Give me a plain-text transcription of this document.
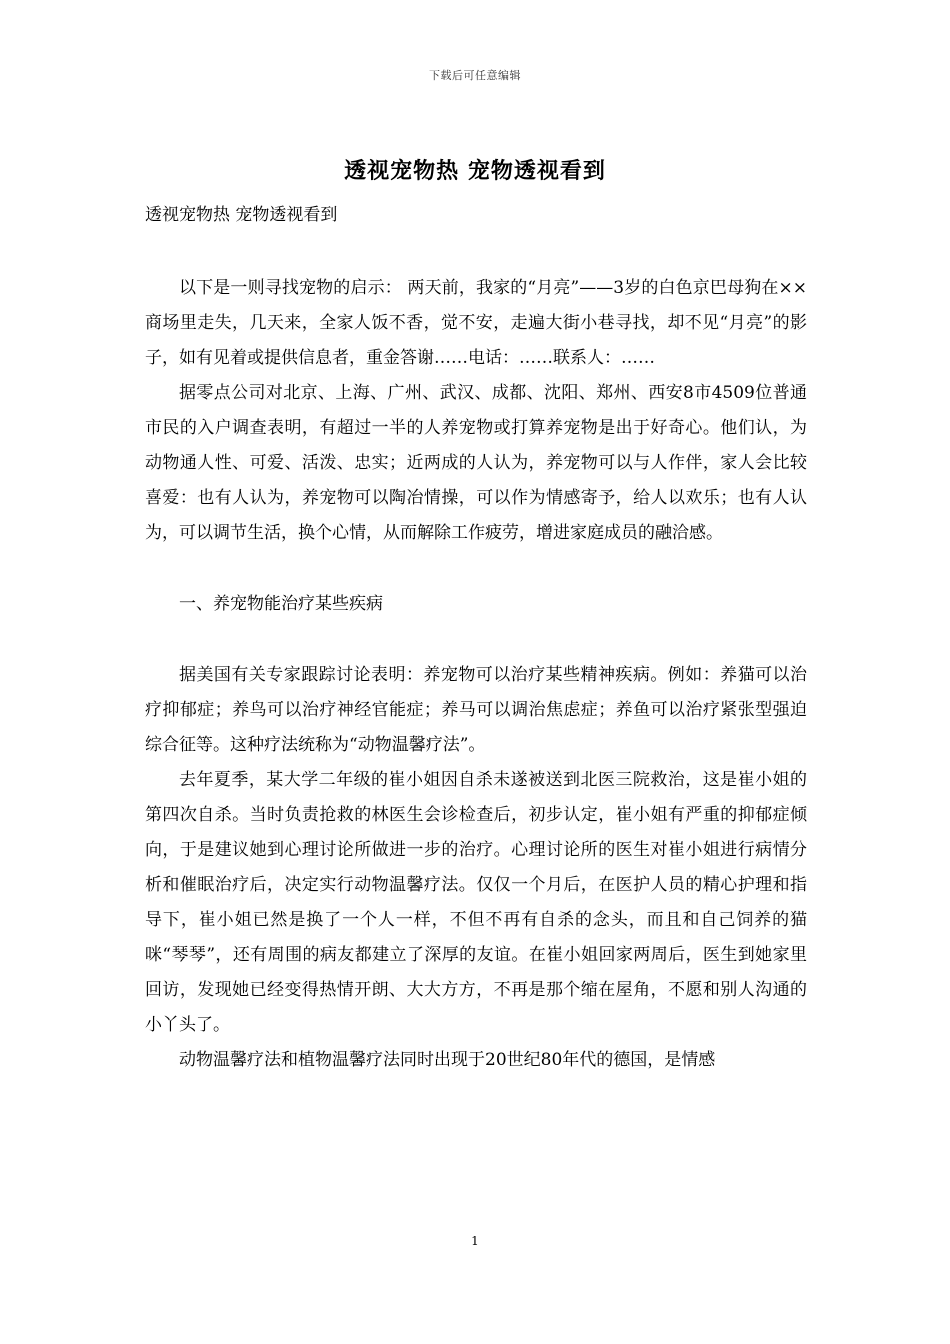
下载后可任意编辑
透视宠物热 宠物透视看到

透视宠物热 宠物透视看到

以下是一则寻找宠物的启示： 两天前，我家的“月亮”——3岁的白色京巴母狗在××商场里走失，几天来，全家人饭不香，觉不安，走遍大街小巷寻找，却不见“月亮”的影子，如有见着或提供信息者，重金答谢……电话：……联系人：……

据零点公司对北京、上海、广州、武汉、成都、沈阳、郑州、西安8市4509位普通市民的入户调查表明，有超过一半的人养宠物或打算养宠物是出于好奇心。他们认，为动物通人性、可爱、活泼、忠实；近两成的人认为，养宠物可以与人作伴，家人会比较喜爱：也有人认为，养宠物可以陶冶情操，可以作为情感寄予，给人以欢乐；也有人认为，可以调节生活，换个心情，从而解除工作疲劳，增进家庭成员的融洽感。

一、养宠物能治疗某些疾病

据美国有关专家跟踪讨论表明：养宠物可以治疗某些精神疾病。例如：养猫可以治疗抑郁症；养鸟可以治疗神经官能症；养马可以调治焦虑症；养鱼可以治疗紧张型强迫综合征等。这种疗法统称为“动物温馨疗法”。

去年夏季，某大学二年级的崔小姐因自杀未遂被送到北医三院救治，这是崔小姐的第四次自杀。当时负责抢救的林医生会诊检查后，初步认定，崔小姐有严重的抑郁症倾向，于是建议她到心理讨论所做进一步的治疗。心理讨论所的医生对崔小姐进行病情分析和催眠治疗后，决定实行动物温馨疗法。仅仅一个月后，在医护人员的精心护理和指导下，崔小姐已然是换了一个人一样，不但不再有自杀的念头，而且和自己饲养的猫咪“琴琴”，还有周围的病友都建立了深厚的友谊。在崔小姐回家两周后，医生到她家里回访，发现她已经变得热情开朗、大大方方，不再是那个缩在屋角，不愿和别人沟通的小丫头了。

动物温馨疗法和植物温馨疗法同时出现于20世纪80年代的德国，是情感

1
